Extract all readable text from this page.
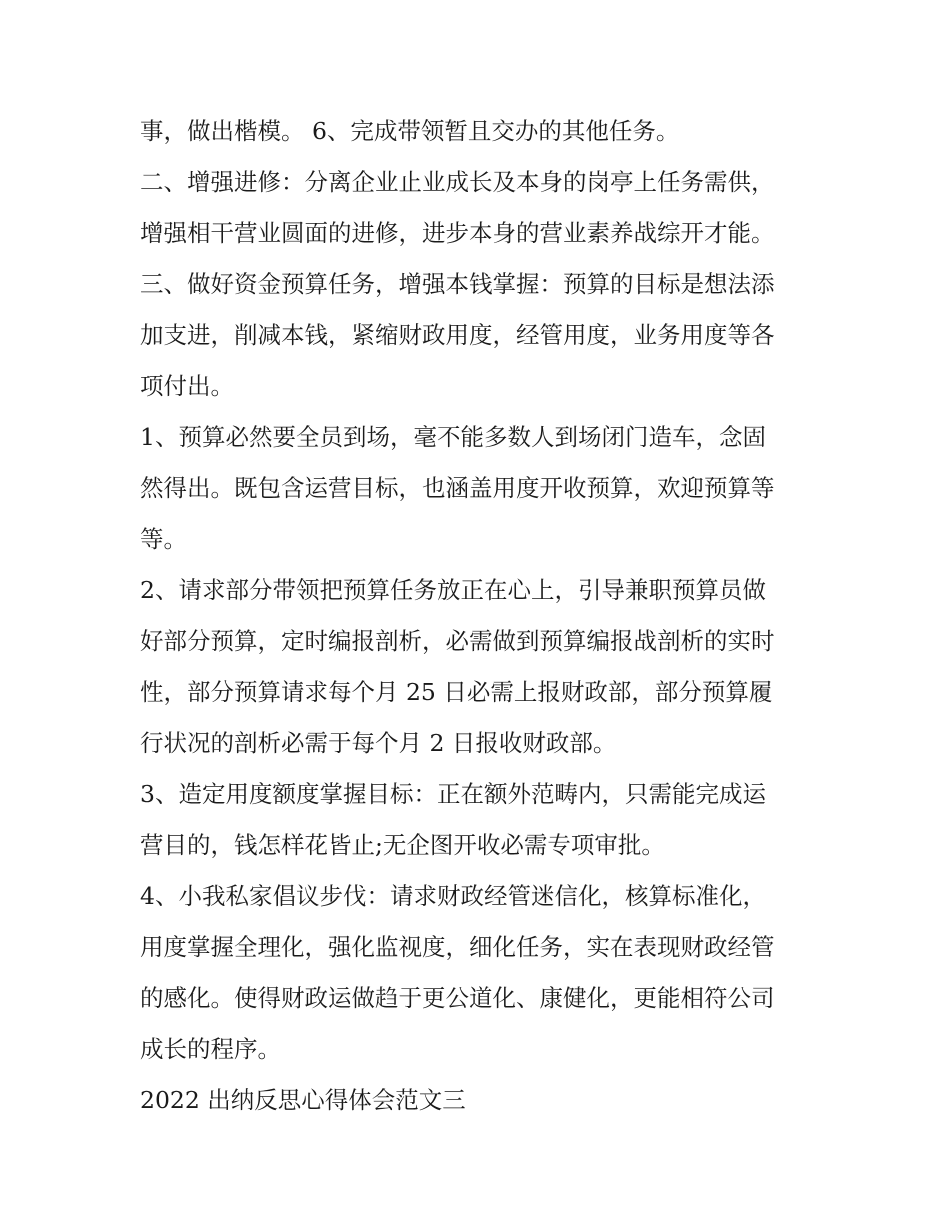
事，做出楷模。 6、完成带领暂且交办的其他任务。
二、增强进修：分离企业止业成长及本身的岗亭上任务需供，
增强相干营业圆面的进修，进步本身的营业素养战综开才能。
三、做好资金预算任务，增强本钱掌握：预算的目标是想法添
加支进，削减本钱，紧缩财政用度，经管用度，业务用度等各
项付出。
1、预算必然要全员到场，毫不能多数人到场闭门造车，念固
然得出。既包含运营目标，也涵盖用度开收预算，欢迎预算等
等。
2、请求部分带领把预算任务放正在心上，引导兼职预算员做
好部分预算，定时编报剖析，必需做到预算编报战剖析的实时
性，部分预算请求每个月 25 日必需上报财政部，部分预算履
行状况的剖析必需于每个月 2 日报收财政部。
3、造定用度额度掌握目标：正在额外范畴内，只需能完成运
营目的，钱怎样花皆止;无企图开收必需专项审批。
4、小我私家倡议步伐：请求财政经管迷信化，核算标准化，
用度掌握全理化，强化监视度，细化任务，实在表现财政经管
的感化。使得财政运做趋于更公道化、康健化，更能相符公司
成长的程序。
2022 出纳反思心得体会范文三
